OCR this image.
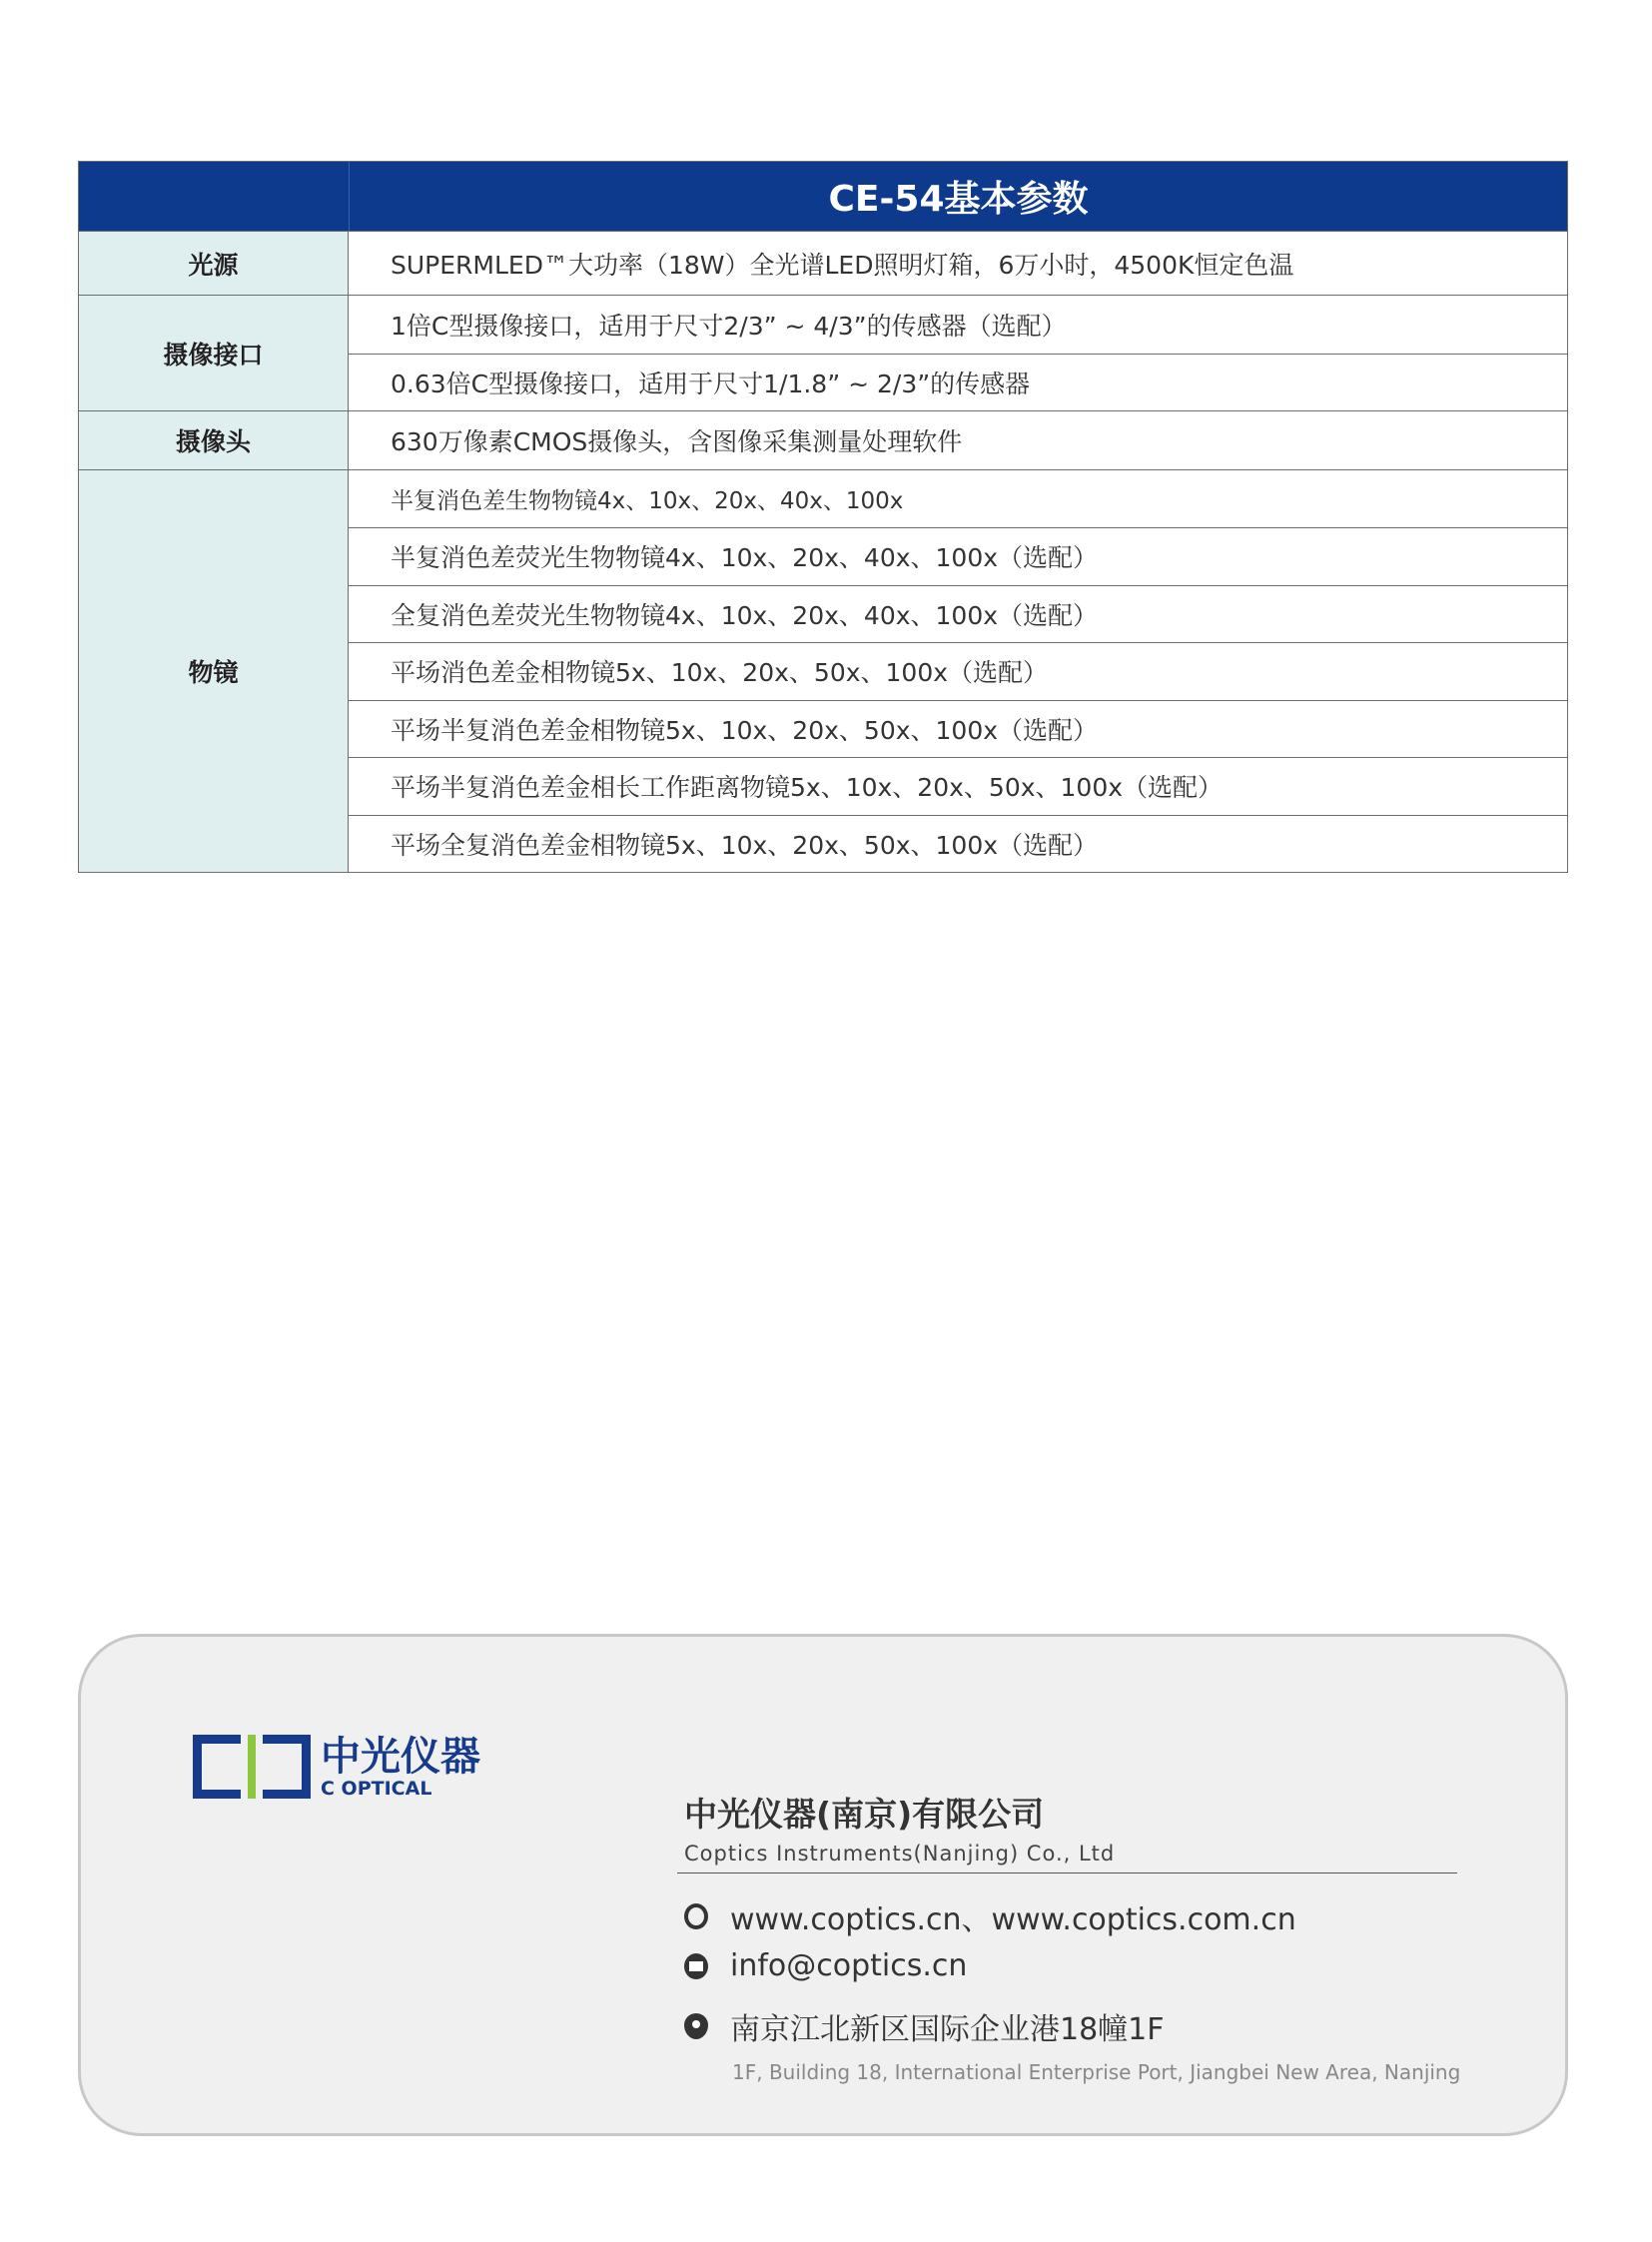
CE-54基本参数
光源	SUPERMLED™大功率（18W）全光谱LED照明灯箱，6万小时，4500K恒定色温
摄像接口
1倍C型摄像接口，适用于尺寸2/3” ~ 4/3”的传感器（选配）
0.63倍C型摄像接口，适用于尺寸1/1.8” ~ 2/3”的传感器
摄像头	630万像素CMOS摄像头，含图像采集测量处理软件
物镜
半复消色差生物物镜4x、10x、20x、40x、100x
半复消色差荧光生物物镜4x、10x、20x、40x、100x（选配）
全复消色差荧光生物物镜4x、10x、20x、40x、100x（选配）
平场消色差金相物镜5x、10x、20x、50x、100x（选配）
平场半复消色差金相物镜5x、10x、20x、50x、100x（选配）
平场半复消色差金相长工作距离物镜5x、10x、20x、50x、100x（选配）
平场全复消色差金相物镜5x、10x、20x、50x、100x（选配）
中光仪器
C OPTICAL
中光仪器(南京)有限公司
Coptics Instruments(Nanjing) Co., Ltd
www.coptics.cn、www.coptics.com.cn
info@coptics.cn
南京江北新区国际企业港18幢1F
1F, Building 18, International Enterprise Port, Jiangbei New Area, Nanjing
